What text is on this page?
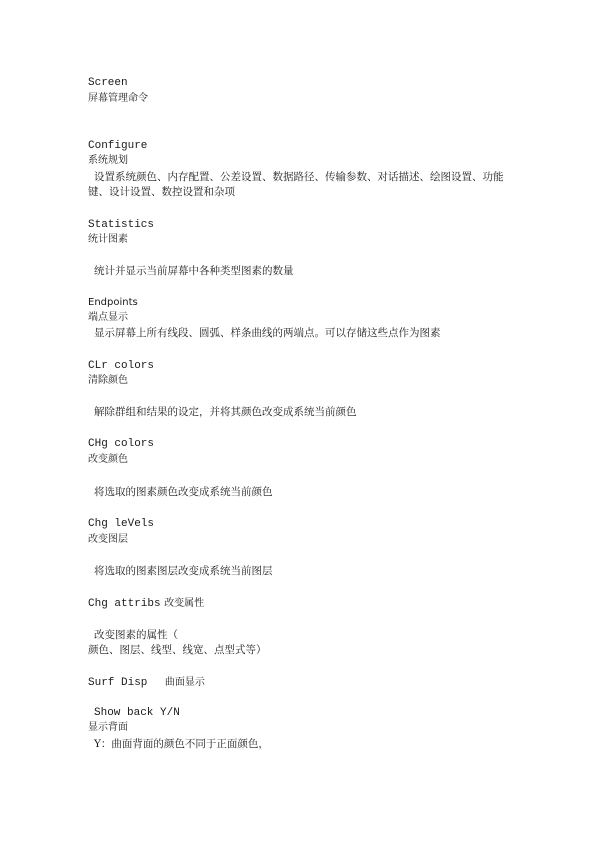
Screen
屏幕管理命令
Configure
系统规划
设置系统颜色、内存配置、公差设置、数据路径、传输参数、对话描述、绘图设置、功能
键、设计设置、数控设置和杂项
Statistics
统计图素
统计并显示当前屏幕中各种类型图素的数量
Endpoints
端点显示
显示屏幕上所有线段、圆弧、样条曲线的两端点。可以存储这些点作为图素
CLr colors
清除颜色
解除群组和结果的设定，并将其颜色改变成系统当前颜色
CHg colors
改变颜色
将选取的图素颜色改变成系统当前颜色
Chg leVels
改变图层
将选取的图素图层改变成系统当前图层
Chg attribs 改变属性
改变图素的属性（
颜色、图层、线型、线宽、点型式等）
Surf Disp 曲面显示
Show back Y/N
显示背面
Y：曲面背面的颜色不同于正面颜色，
